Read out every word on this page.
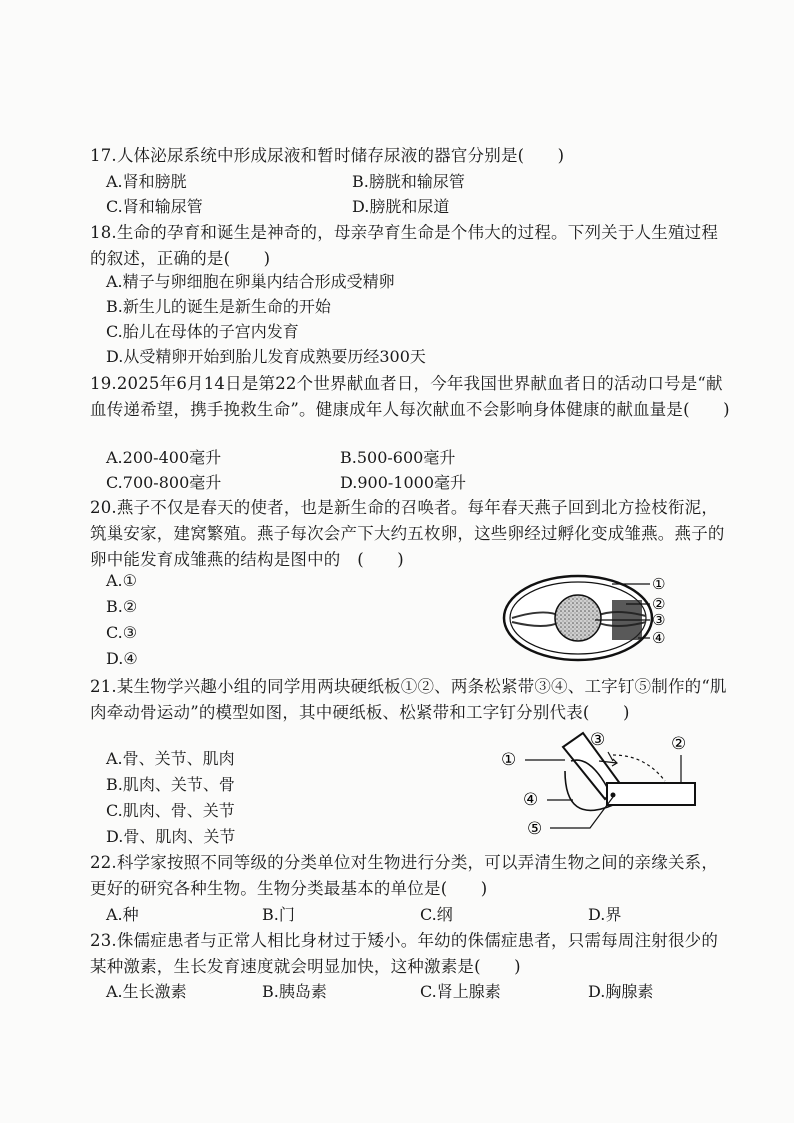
17.人体泌尿系统中形成尿液和暂时储存尿液的器官分别是(　　)
A.肾和膀胱	B.膀胱和输尿管
C.肾和输尿管	D.膀胱和尿道
18.生命的孕育和诞生是神奇的，母亲孕育生命是个伟大的过程。下列关于人生殖过程的叙述，正确的是(　　)
A.精子与卵细胞在卵巢内结合形成受精卵
B.新生儿的诞生是新生命的开始
C.胎儿在母体的子宫内发育
D.从受精卵开始到胎儿发育成熟要历经300天
19.2025年6月14日是第22个世界献血者日，今年我国世界献血者日的活动口号是“献血传递希望，携手挽救生命”。健康成年人每次献血不会影响身体健康的献血量是(　　)
A.200-400毫升	B.500-600毫升
C.700-800毫升	D.900-1000毫升
20.燕子不仅是春天的使者，也是新生命的召唤者。每年春天燕子回到北方捡枝衔泥，筑巢安家，建窝繁殖。燕子每次会产下大约五枚卵，这些卵经过孵化变成雏燕。燕子的卵中能发育成雏燕的结构是图中的　(　　)
A.①
B.②
C.③
D.④
①
②
③
④
21.某生物学兴趣小组的同学用两块硬纸板①②、两条松紧带③④、工字钉⑤制作的“肌肉牵动骨运动”的模型如图，其中硬纸板、松紧带和工字钉分别代表(　　)
A.骨、关节、肌肉
B.肌肉、关节、骨
C.肌肉、骨、关节
D.骨、肌肉、关节
①
②
③
④
⑤
22.科学家按照不同等级的分类单位对生物进行分类，可以弄清生物之间的亲缘关系，更好的研究各种生物。生物分类最基本的单位是(　　)
A.种	B.门	C.纲	D.界
23.侏儒症患者与正常人相比身材过于矮小。年幼的侏儒症患者，只需每周注射很少的某种激素，生长发育速度就会明显加快，这种激素是(　　)
A.生长激素	B.胰岛素	C.肾上腺素	D.胸腺素
